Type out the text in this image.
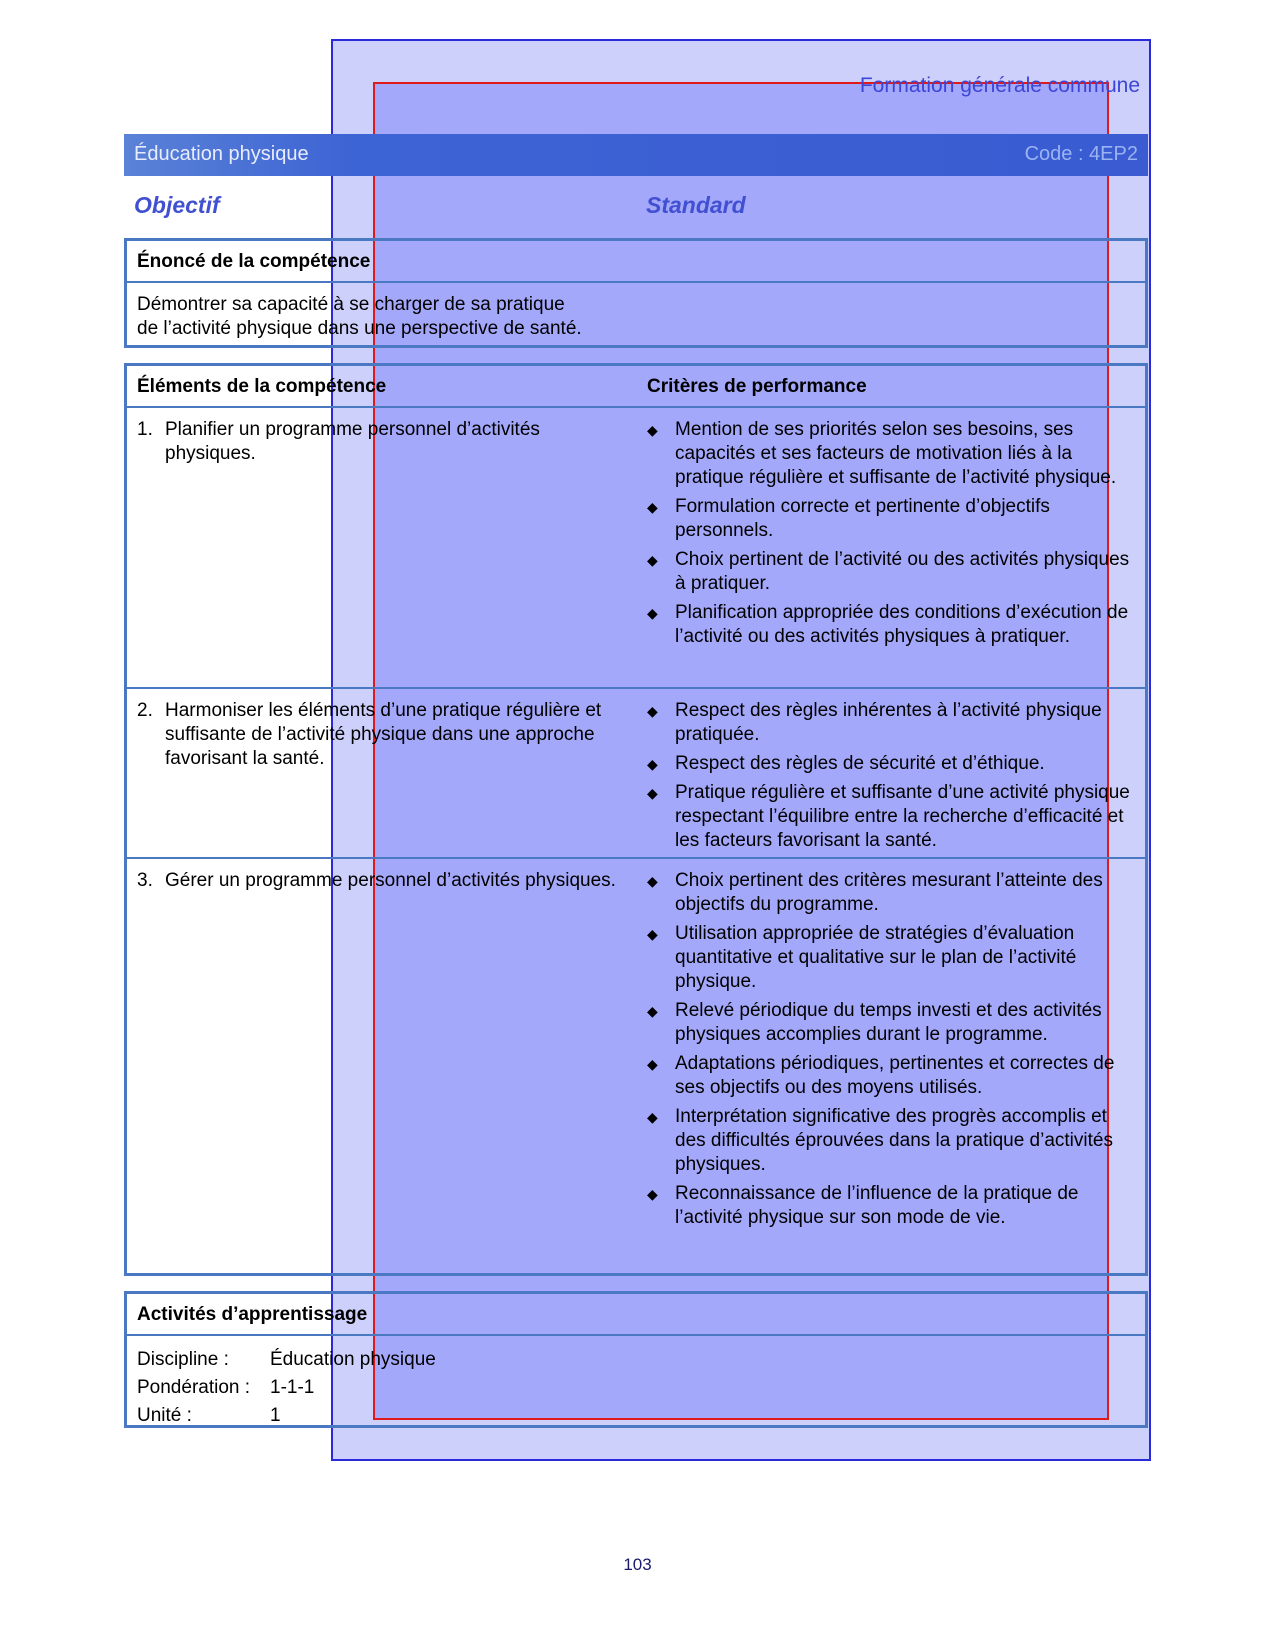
Formation générale commune
Éducation physique	Code : 4EP2
Objectif	Standard
Énoncé de la compétence
Démontrer sa capacité à se charger de sa pratique
de l’activité physique dans une perspective de santé.
Éléments de la compétence	Critères de performance
1. Planifier un programme personnel d’activités physiques.
◆ Mention de ses priorités selon ses besoins, ses capacités et ses facteurs de motivation liés à la pratique régulière et suffisante de l’activité physique.
◆ Formulation correcte et pertinente d’objectifs personnels.
◆ Choix pertinent de l’activité ou des activités physiques à pratiquer.
◆ Planification appropriée des conditions d’exécution de l’activité ou des activités physiques à pratiquer.
2. Harmoniser les éléments d’une pratique régulière et suffisante de l’activité physique dans une approche favorisant la santé.
◆ Respect des règles inhérentes à l’activité physique pratiquée.
◆ Respect des règles de sécurité et d’éthique.
◆ Pratique régulière et suffisante d’une activité physique respectant l’équilibre entre la recherche d’efficacité et les facteurs favorisant la santé.
3. Gérer un programme personnel d’activités physiques.	◆ Choix pertinent des critères mesurant l’atteinte des objectifs du programme.
◆ Utilisation appropriée de stratégies d’évaluation quantitative et qualitative sur le plan de l’activité physique.
◆ Relevé périodique du temps investi et des activités physiques accomplies durant le programme.
◆ Adaptations périodiques, pertinentes et correctes de ses objectifs ou des moyens utilisés.
◆ Interprétation significative des progrès accomplis et des difficultés éprouvées dans la pratique d’activités physiques.
◆ Reconnaissance de l’influence de la pratique de l’activité physique sur son mode de vie.
Activités d’apprentissage
Discipline : Éducation physique
Pondération : 1-1-1
Unité :	1
103
